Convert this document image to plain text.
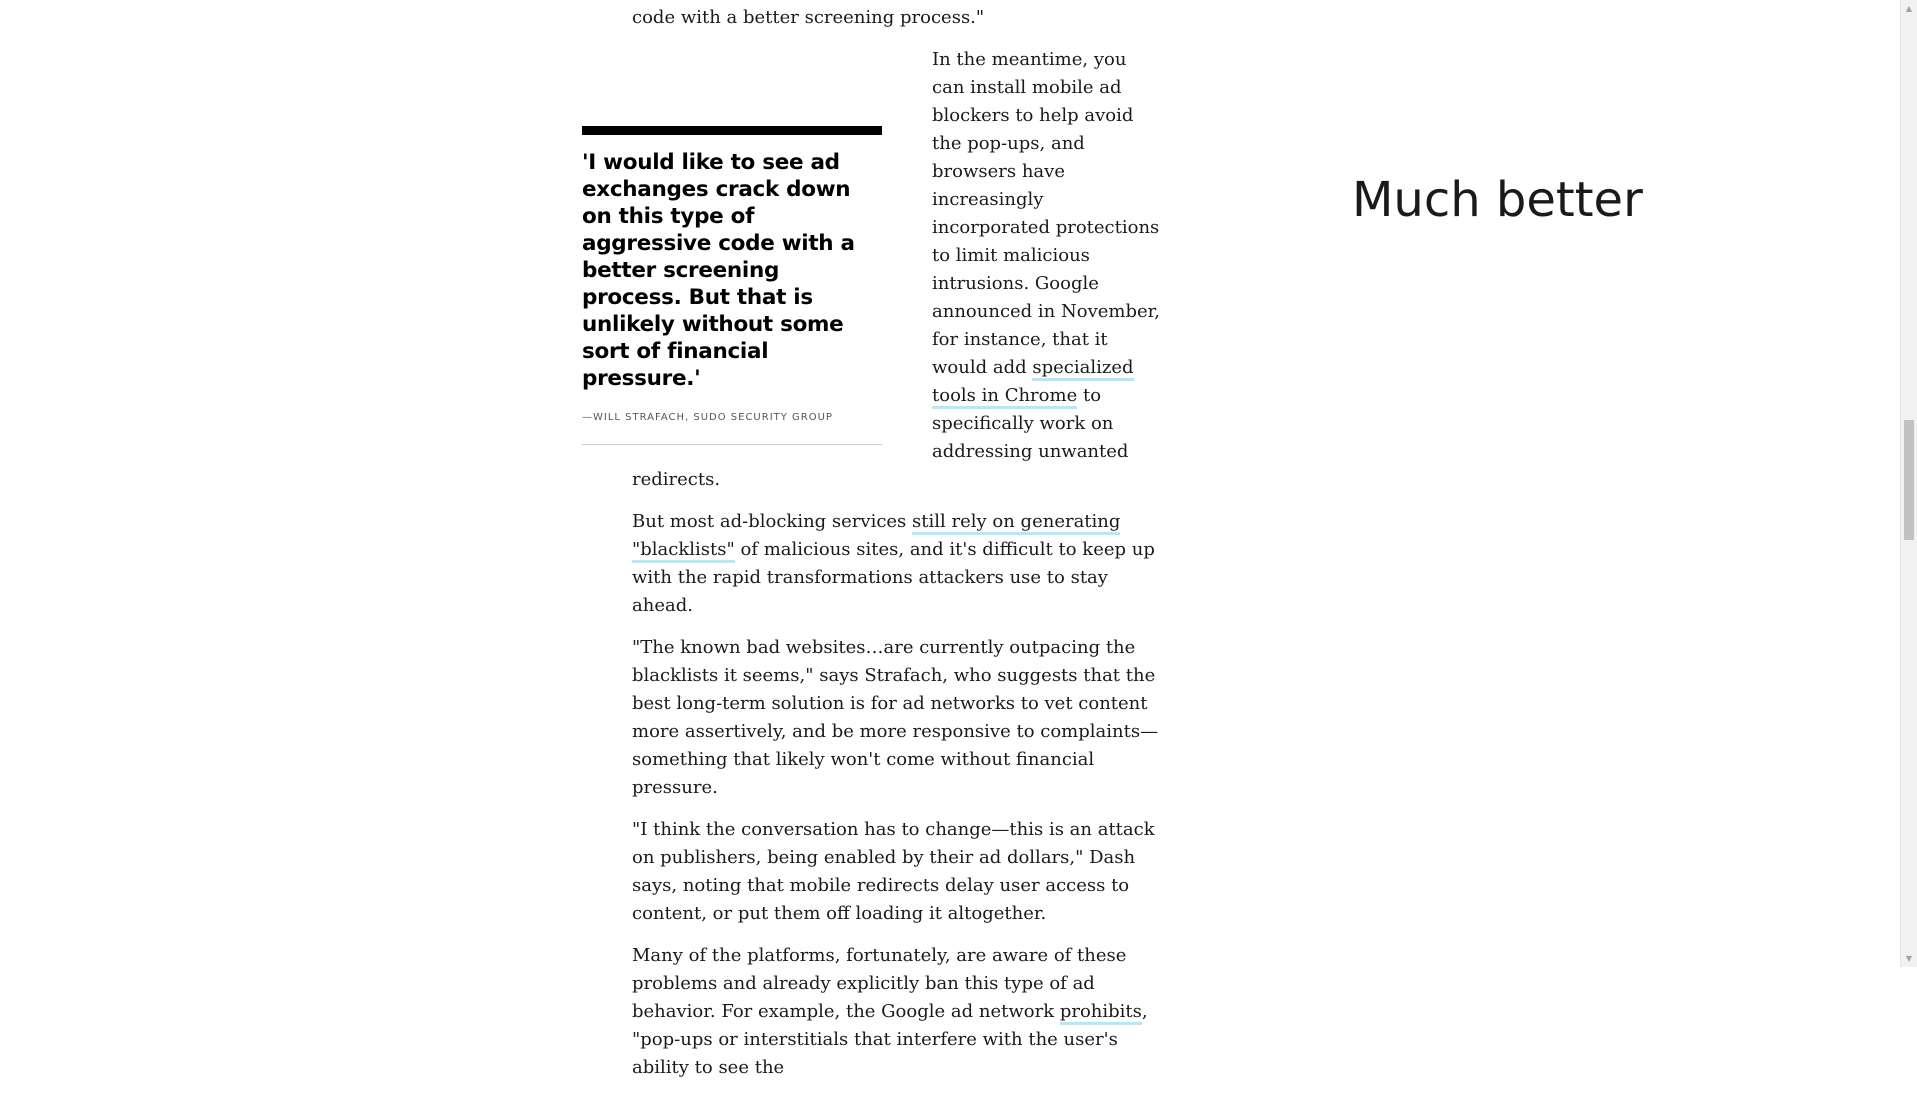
code with a better screening process."

'I would like to see ad exchanges crack down on this type of aggressive code with a better screening process. But that is unlikely without some sort of financial pressure.'
—WILL STRAFACH, SUDO SECURITY GROUP

In the meantime, you can install mobile ad blockers to help avoid the pop-ups, and browsers have increasingly incorporated protections to limit malicious intrusions. Google announced in November, for instance, that it would add specialized tools in Chrome to specifically work on addressing unwanted redirects.

But most ad-blocking services still rely on generating "blacklists" of malicious sites, and it's difficult to keep up with the rapid transformations attackers use to stay ahead.

"The known bad websites…are currently outpacing the blacklists it seems," says Strafach, who suggests that the best long-term solution is for ad networks to vet content more assertively, and be more responsive to complaints—something that likely won't come without financial pressure.

"I think the conversation has to change—this is an attack on publishers, being enabled by their ad dollars," Dash says, noting that mobile redirects delay user access to content, or put them off loading it altogether.

Many of the platforms, fortunately, are aware of these problems and already explicitly ban this type of ad behavior. For example, the Google ad network prohibits, "pop-ups or interstitials that interfere with the user's ability to see the

Much better
▲
▼
